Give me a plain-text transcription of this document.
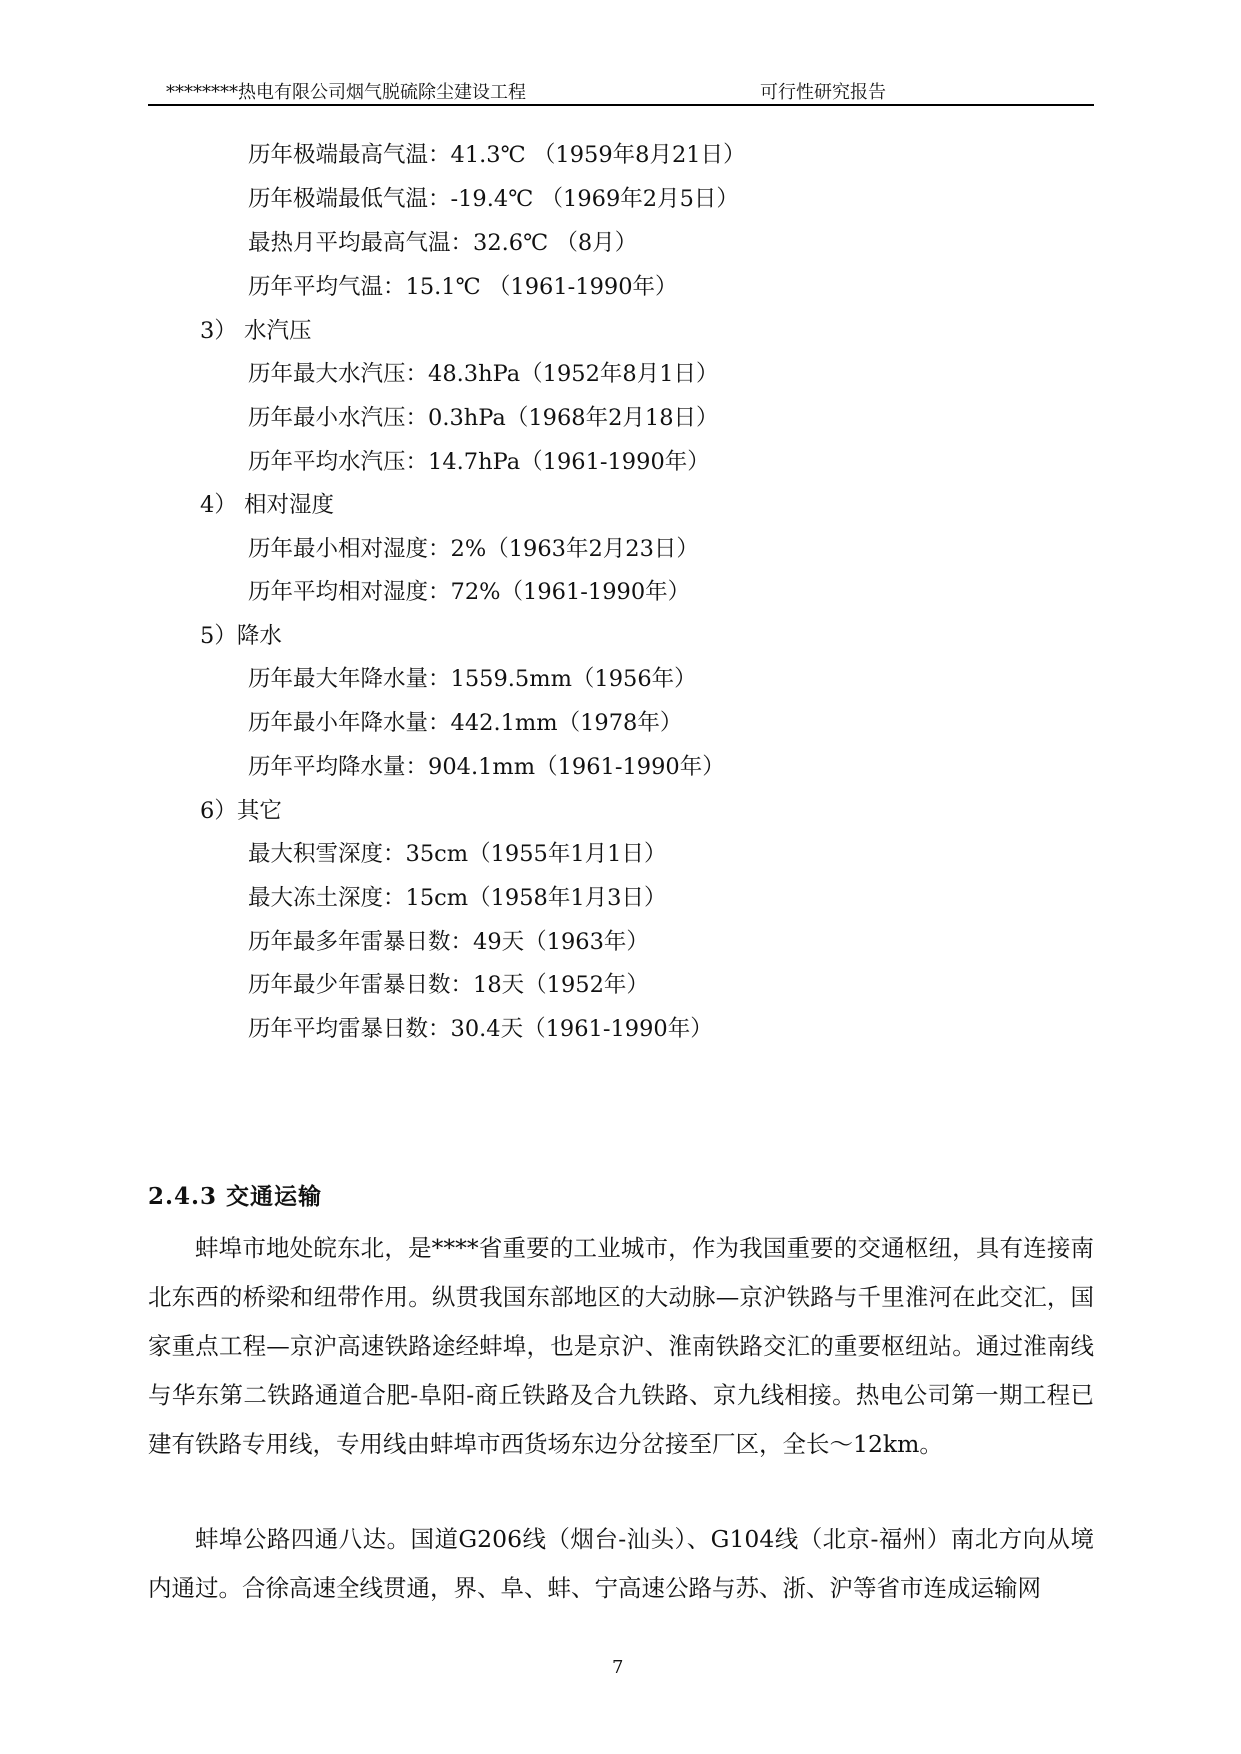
********热电有限公司烟气脱硫除尘建设工程	可行性研究报告
历年极端最高气温：41.3℃ （1959年8月21日）
历年极端最低气温：-19.4℃ （1969年2月5日）
最热月平均最高气温：32.6℃ （8月）
历年平均气温：15.1℃ （1961-1990年）
3） 水汽压
历年最大水汽压：48.3hPa（1952年8月1日）
历年最小水汽压：0.3hPa（1968年2月18日）
历年平均水汽压：14.7hPa（1961-1990年）
4） 相对湿度
历年最小相对湿度：2%（1963年2月23日）
历年平均相对湿度：72%（1961-1990年）
5）降水
历年最大年降水量：1559.5mm（1956年）
历年最小年降水量：442.1mm（1978年）
历年平均降水量：904.1mm（1961-1990年）
6）其它
最大积雪深度：35cm（1955年1月1日）
最大冻土深度：15cm（1958年1月3日）
历年最多年雷暴日数：49天（1963年）
历年最少年雷暴日数：18天（1952年）
历年平均雷暴日数：30.4天（1961-1990年）
2.4.3 交通运输
蚌埠市地处皖东北，是****省重要的工业城市，作为我国重要的交通枢纽，具有连接南北东西的桥梁和纽带作用。纵贯我国东部地区的大动脉—京沪铁路与千里淮河在此交汇，国家重点工程—京沪高速铁路途经蚌埠，也是京沪、淮南铁路交汇的重要枢纽站。通过淮南线与华东第二铁路通道合肥-阜阳-商丘铁路及合九铁路、京九线相接。热电公司第一期工程已建有铁路专用线，专用线由蚌埠市西货场东边分岔接至厂区，全长～12km。
蚌埠公路四通八达。国道G206线（烟台-汕头）、G104线（北京-福州）南北方向从境内通过。合徐高速全线贯通，界、阜、蚌、宁高速公路与苏、浙、沪等省市连成运输网
7
